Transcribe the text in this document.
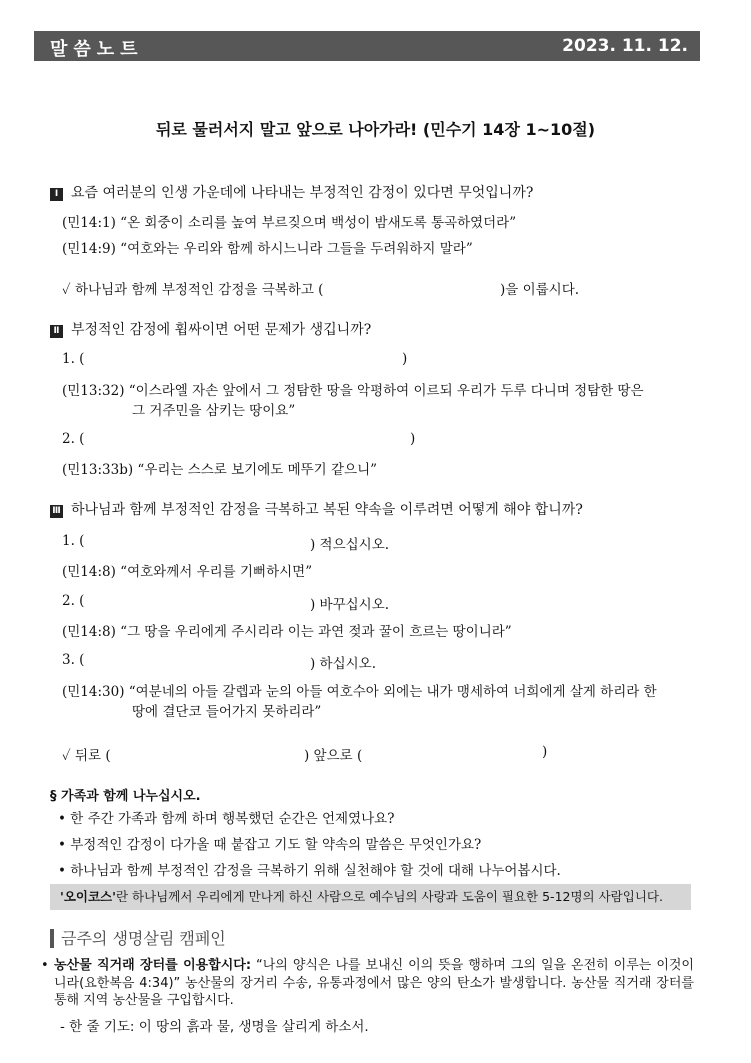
말씀노트	2023. 11. 12.
뒤로 물러서지 말고 앞으로 나아가라! (민수기 14장 1~10절)
Ⅰ 요즘 여러분의 인생 가운데에 나타내는 부정적인 감정이 있다면 무엇입니까?
(민14:1) “온 회중이 소리를 높여 부르짖으며 백성이 밤새도록 통곡하였더라”
(민14:9) “여호와는 우리와 함께 하시느니라 그들을 두려워하지 말라”
✓ 하나님과 함께 부정적인 감정을 극복하고 (	)을 이룹시다.
Ⅱ 부정적인 감정에 휩싸이면 어떤 문제가 생깁니까?
1. (	)
(민13:32) “이스라엘 자손 앞에서 그 정탐한 땅을 악평하여 이르되 우리가 두루 다니며 정탐한 땅은
그 거주민을 삼키는 땅이요”
2. (	)
(민13:33b) “우리는 스스로 보기에도 메뚜기 같으니”
Ⅲ 하나님과 함께 부정적인 감정을 극복하고 복된 약속을 이루려면 어떻게 해야 합니까?
1. (	) 적으십시오.
(민14:8) “여호와께서 우리를 기뻐하시면”
2. (	) 바꾸십시오.
(민14:8) “그 땅을 우리에게 주시리라 이는 과연 젖과 꿀이 흐르는 땅이니라”
3. (	) 하십시오.
(민14:30) “여분네의 아들 갈렙과 눈의 아들 여호수아 외에는 내가 맹세하여 너희에게 살게 하리라 한
땅에 결단코 들어가지 못하리라”
✓ 뒤로 (	) 앞으로 (	)
§ 가족과 함께 나누십시오.
• 한 주간 가족과 함께 하며 행복했던 순간은 언제였나요?
• 부정적인 감정이 다가올 때 붙잡고 기도 할 약속의 말씀은 무엇인가요?
• 하나님과 함께 부정적인 감정을 극복하기 위해 실천해야 할 것에 대해 나누어봅시다.
'오이코스'란 하나님께서 우리에게 만나게 하신 사람으로 예수님의 사랑과 도움이 필요한 5-12명의 사람입니다.
금주의 생명살림 캠페인
• 농산물 직거래 장터를 이용합시다: “나의 양식은 나를 보내신 이의 뜻을 행하며 그의 일을 온전히 이루는 이것이니라(요한복음 4:34)” 농산물의 장거리 수송, 유통과정에서 많은 양의 탄소가 발생합니다. 농산물 직거래 장터를 통해 지역 농산물을 구입합시다.
- 한 줄 기도: 이 땅의 흙과 물, 생명을 살리게 하소서.
